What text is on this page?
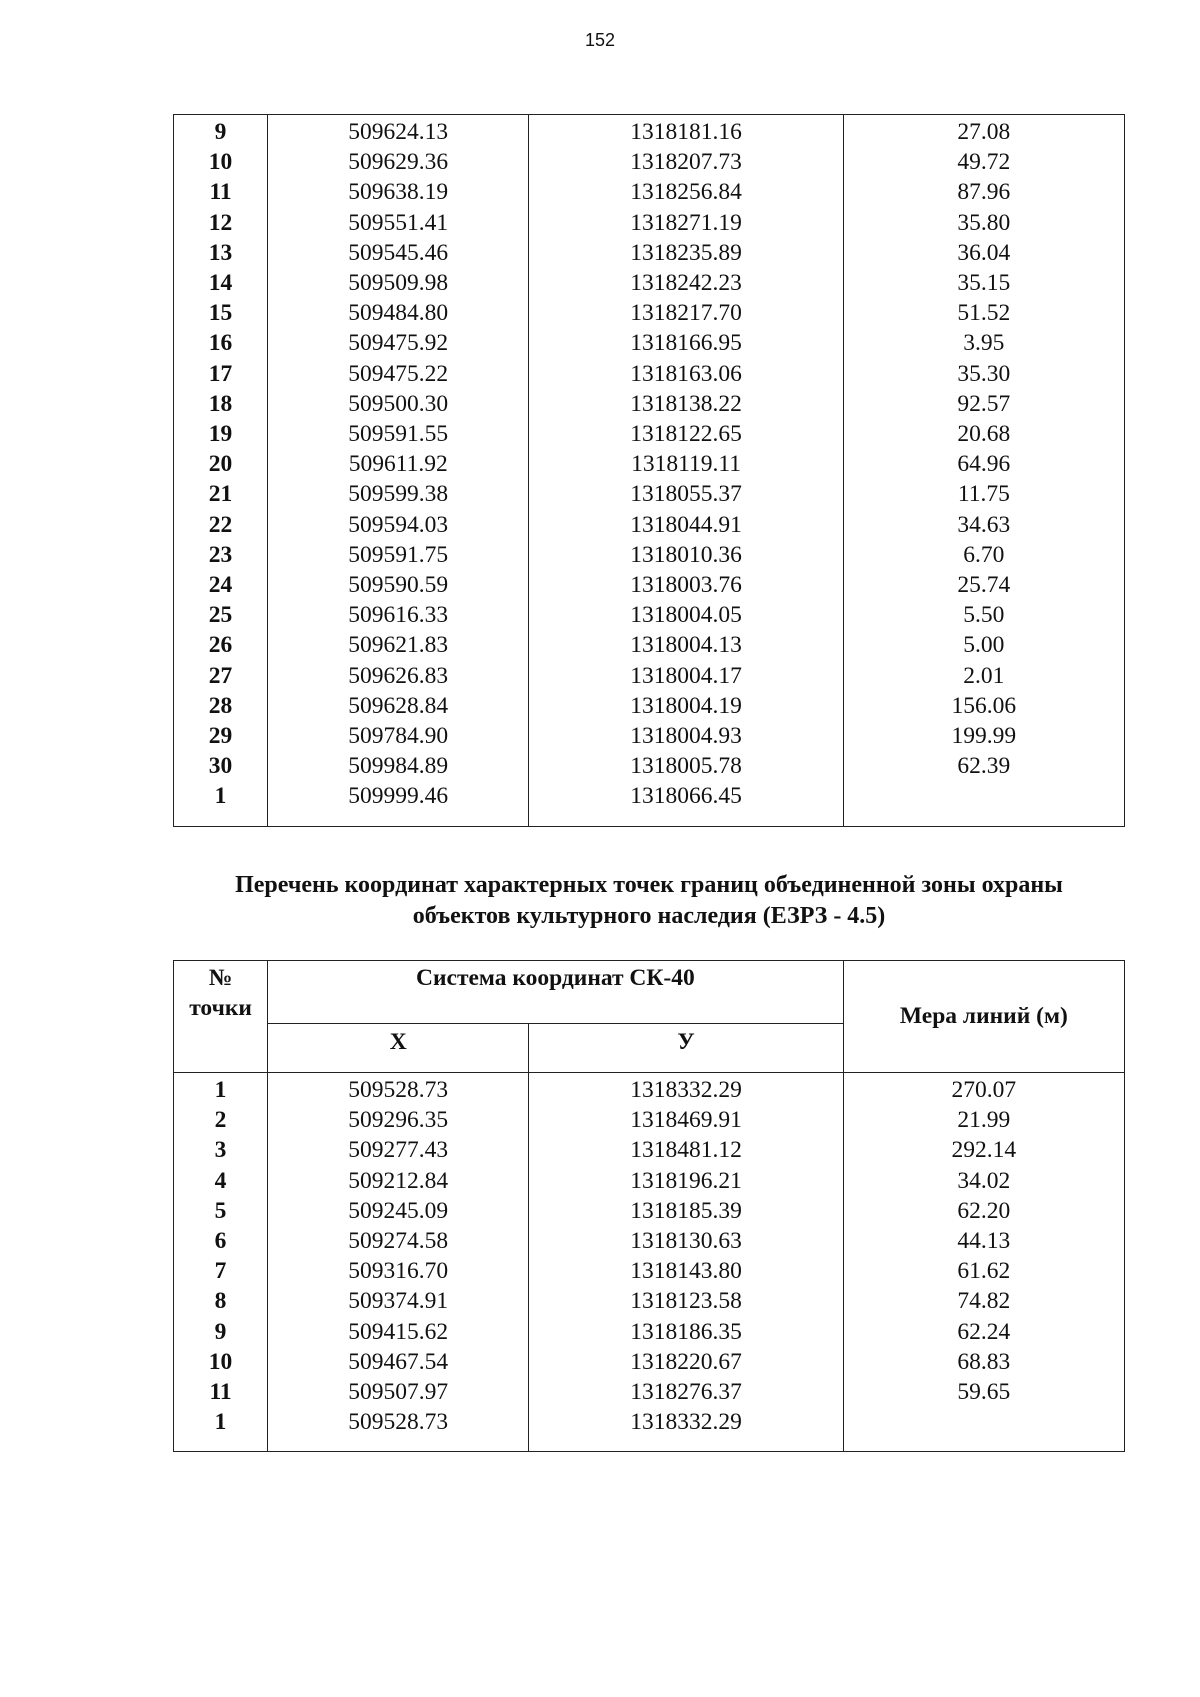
152
9	509624.13	1318181.16	27.08
10	509629.36	1318207.73	49.72
11	509638.19	1318256.84	87.96
12	509551.41	1318271.19	35.80
13	509545.46	1318235.89	36.04
14	509509.98	1318242.23	35.15
15	509484.80	1318217.70	51.52
16	509475.92	1318166.95	3.95
17	509475.22	1318163.06	35.30
18	509500.30	1318138.22	92.57
19	509591.55	1318122.65	20.68
20	509611.92	1318119.11	64.96
21	509599.38	1318055.37	11.75
22	509594.03	1318044.91	34.63
23	509591.75	1318010.36	6.70
24	509590.59	1318003.76	25.74
25	509616.33	1318004.05	5.50
26	509621.83	1318004.13	5.00
27	509626.83	1318004.17	2.01
28	509628.84	1318004.19	156.06
29	509784.90	1318004.93	199.99
30	509984.89	1318005.78	62.39
1	509999.46	1318066.45	

Перечень координат характерных точек границ объединенной зоны охраны
объектов культурного наследия (ЕЗРЗ - 4.5)
№
точки	Система координат СК-40		Мера линий (м)
	Х	У	
1	509528.73	1318332.29	270.07
2	509296.35	1318469.91	21.99
3	509277.43	1318481.12	292.14
4	509212.84	1318196.21	34.02
5	509245.09	1318185.39	62.20
6	509274.58	1318130.63	44.13
7	509316.70	1318143.80	61.62
8	509374.91	1318123.58	74.82
9	509415.62	1318186.35	62.24
10	509467.54	1318220.67	68.83
11	509507.97	1318276.37	59.65
1	509528.73	1318332.29	
